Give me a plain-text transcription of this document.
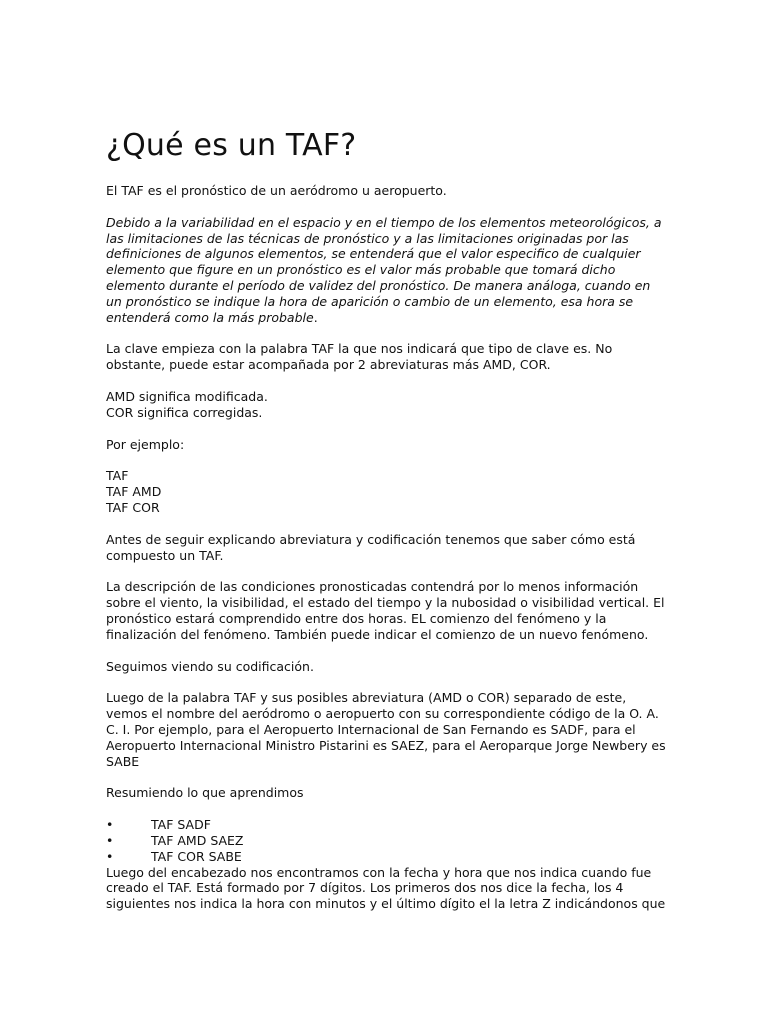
¿Qué es un TAF?

El TAF es el pronóstico de un aeródromo u aeropuerto.

Debido a la variabilidad en el espacio y en el tiempo de los elementos meteorológicos, a las limitaciones de las técnicas de pronóstico y a las limitaciones originadas por las definiciones de algunos elementos, se entenderá que el valor especifico de cualquier elemento que figure en un pronóstico es el valor más probable que tomará dicho elemento durante el período de validez del pronóstico. De manera análoga, cuando en un pronóstico se indique la hora de aparición o cambio de un elemento, esa hora se entenderá como la más probable.

La clave empieza con la palabra TAF la que nos indicará que tipo de clave es. No obstante, puede estar acompañada por 2 abreviaturas más AMD, COR.

AMD significa modificada.

COR significa corregidas.

Por ejemplo:

TAF

TAF AMD

TAF COR

Antes de seguir explicando abreviatura y codificación tenemos que saber cómo está compuesto un TAF.

La descripción de las condiciones pronosticadas contendrá por lo menos información sobre el viento, la visibilidad, el estado del tiempo y la nubosidad o visibilidad vertical. El pronóstico estará comprendido entre dos horas. EL comienzo del fenómeno y la finalización del fenómeno. También puede indicar el comienzo de un nuevo fenómeno.

Seguimos viendo su codificación.

Luego de la palabra TAF y sus posibles abreviatura (AMD o COR) separado de este, vemos el nombre del aeródromo o aeropuerto con su correspondiente código de la O. A. C. I. Por ejemplo, para el Aeropuerto Internacional de San Fernando es SADF, para el Aeropuerto Internacional Ministro Pistarini es SAEZ, para el Aeroparque Jorge Newbery es SABE

Resumiendo lo que aprendimos

•	TAF SADF
•	TAF AMD SAEZ
•	TAF COR SABE

Luego del encabezado nos encontramos con la fecha y hora que nos indica cuando fue creado el TAF. Está formado por 7 dígitos. Los primeros dos nos dice la fecha, los 4 siguientes nos indica la hora con minutos y el último dígito el la letra Z indicándonos que
